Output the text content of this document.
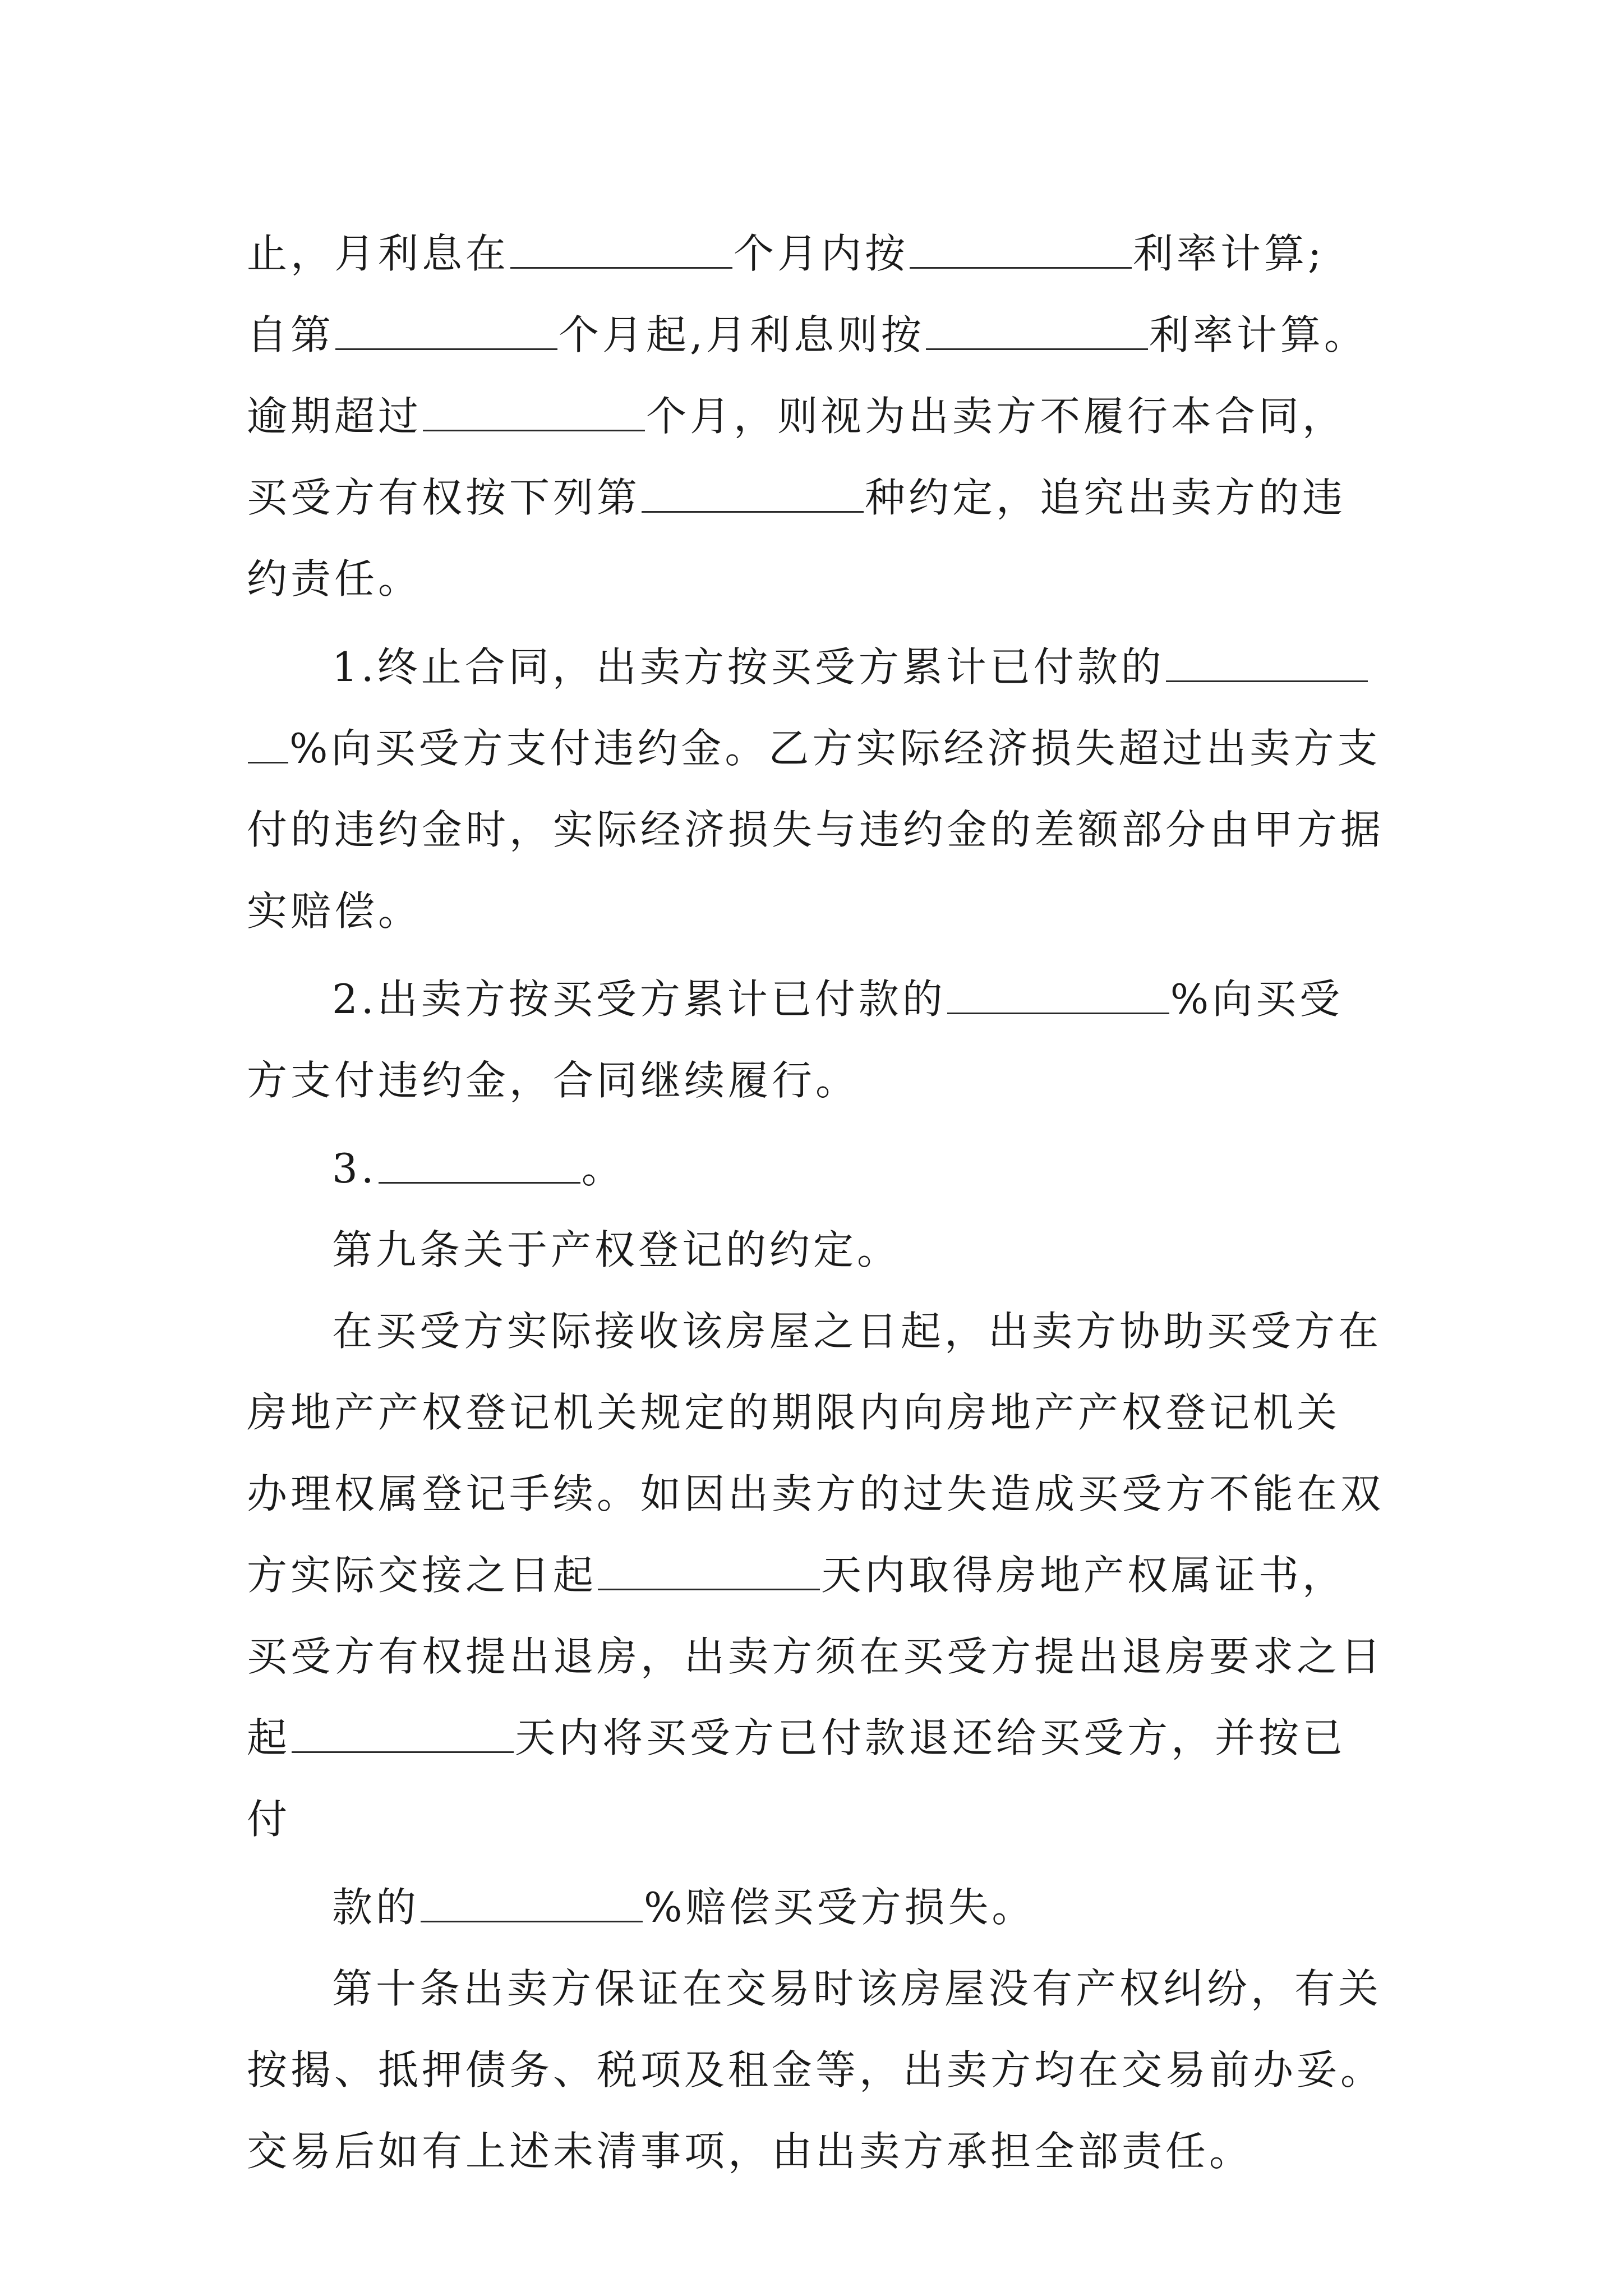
止，月利息在	个月内按	利率计算;
自第	个月起,月利息则按	利率计算。
逾期超过	个月，则视为出卖方不履行本合同，
买受方有权按下列第	种约定，追究出卖方的违
约责任。
1.终止合同，出卖方按买受方累计已付款的
%向买受方支付违约金。乙方实际经济损失超过出卖方支
付的违约金时，实际经济损失与违约金的差额部分由甲方据
实赔偿。
2.出卖方按买受方累计已付款的	%向买受
方支付违约金，合同继续履行。
3.	。
第九条关于产权登记的约定。
在买受方实际接收该房屋之日起，出卖方协助买受方在
房地产产权登记机关规定的期限内向房地产产权登记机关
办理权属登记手续。如因出卖方的过失造成买受方不能在双
方实际交接之日起	天内取得房地产权属证书，
买受方有权提出退房，出卖方须在买受方提出退房要求之日
起	天内将买受方已付款退还给买受方，并按已
付
款的	%赔偿买受方损失。
第十条出卖方保证在交易时该房屋没有产权纠纷，有关
按揭、抵押债务、税项及租金等，出卖方均在交易前办妥。
交易后如有上述未清事项，由出卖方承担全部责任。
